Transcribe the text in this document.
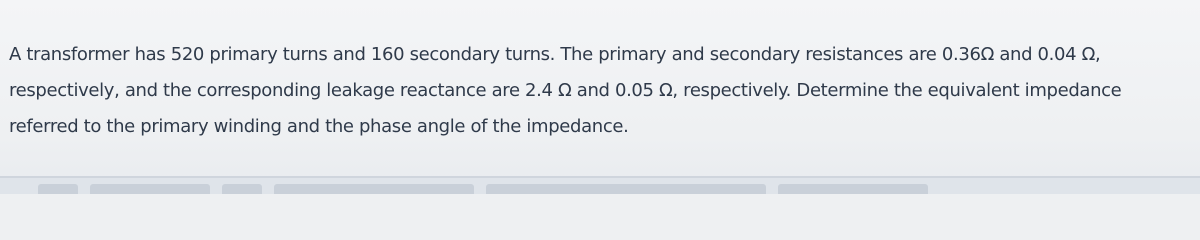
A transformer has 520 primary turns and 160 secondary turns. The primary and secondary resistances are 0.36Ω and 0.04 Ω,
respectively, and the corresponding leakage reactance are 2.4 Ω and 0.05 Ω, respectively. Determine the equivalent impedance
referred to the primary winding and the phase angle of the impedance.
